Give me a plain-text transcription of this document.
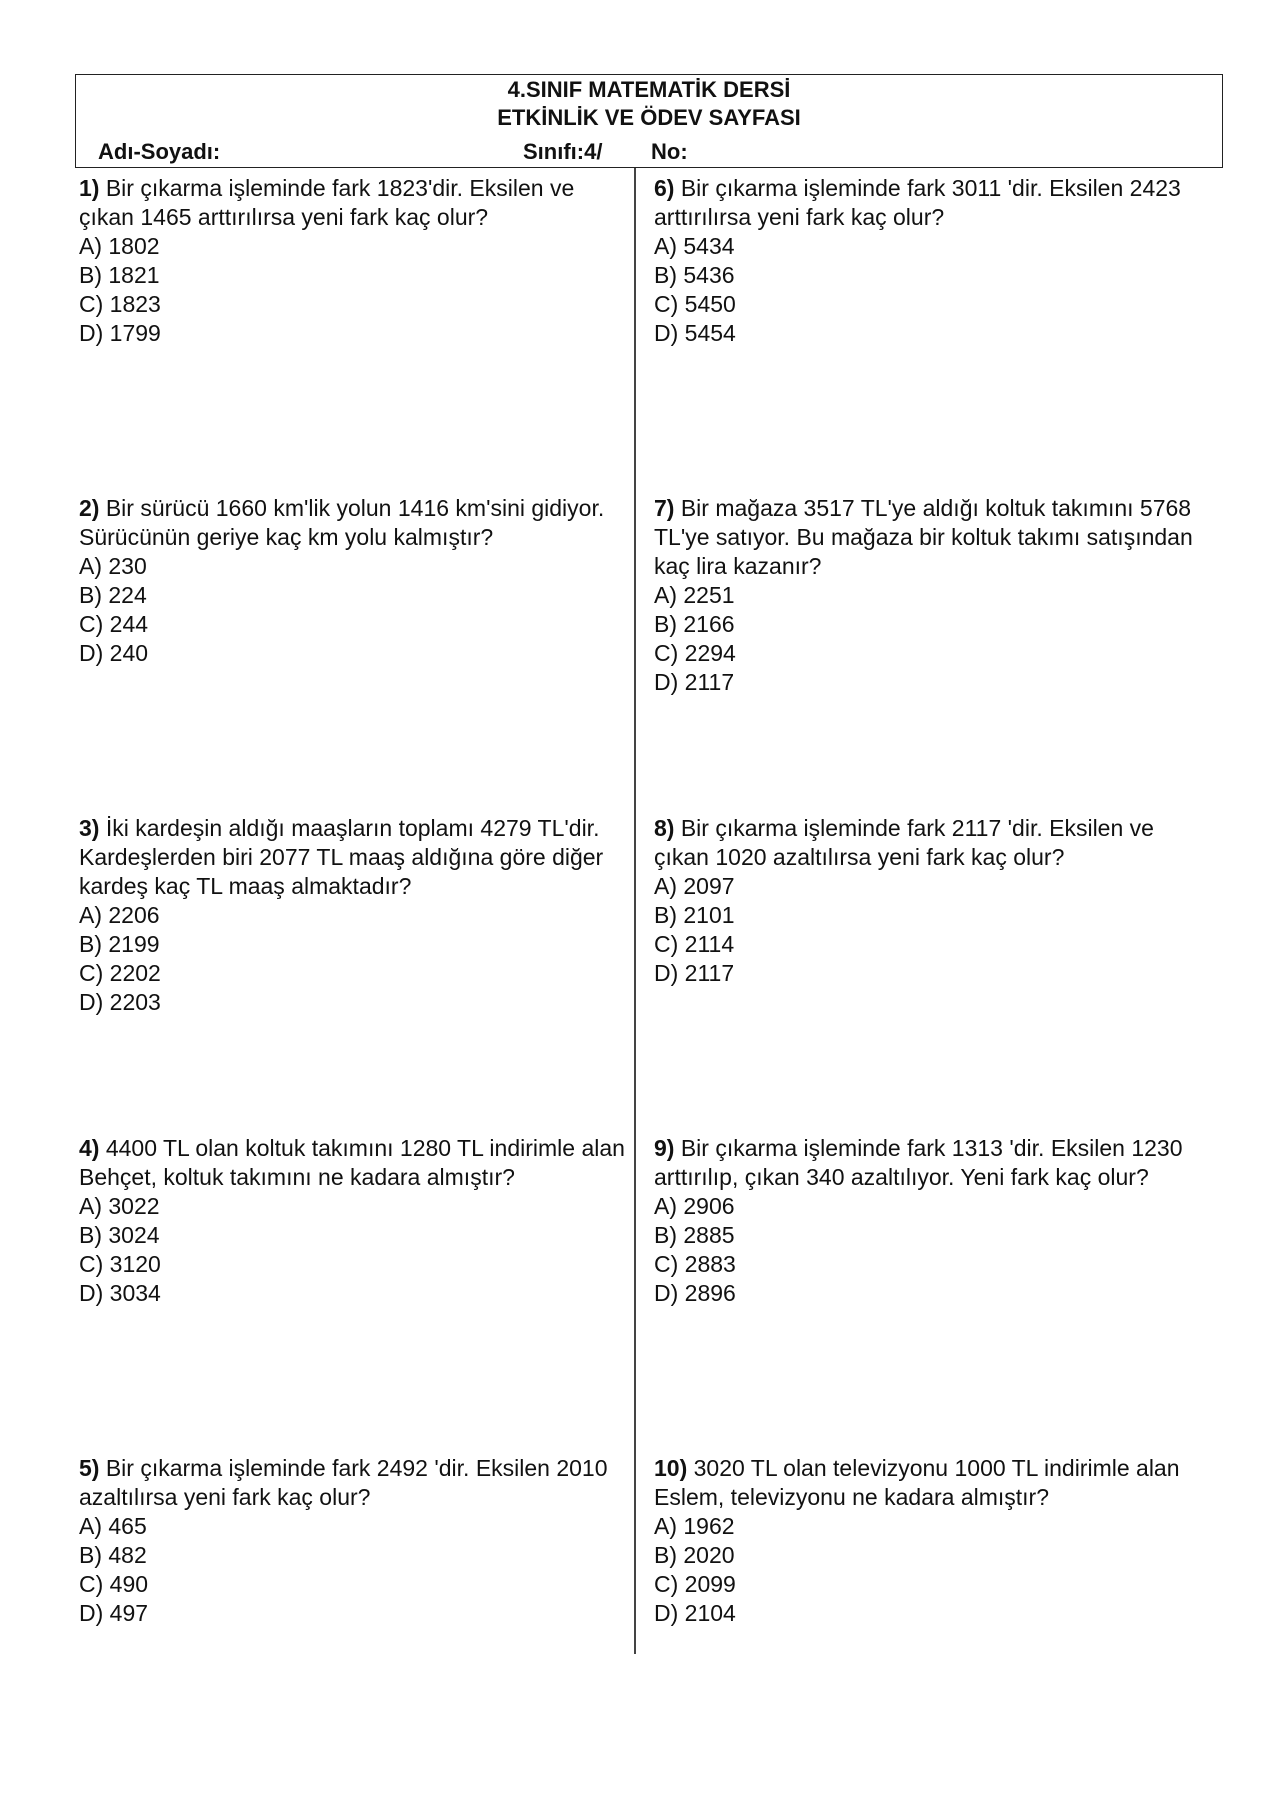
4.SINIF MATEMATİK DERSİ
ETKİNLİK VE ÖDEV SAYFASI
Adı-Soyadı:	Sınıfı:4/ No:
1) Bir çıkarma işleminde fark 1823'dir. Eksilen ve çıkan 1465 arttırılırsa yeni fark kaç olur?
A) 1802
B) 1821
C) 1823
D) 1799
2) Bir sürücü 1660 km'lik yolun 1416 km'sini gidiyor. Sürücünün geriye kaç km yolu kalmıştır?
A) 230
B) 224
C) 244
D) 240
3) İki kardeşin aldığı maaşların toplamı 4279 TL'dir. Kardeşlerden biri 2077 TL maaş aldığına göre diğer kardeş kaç TL maaş almaktadır?
A) 2206
B) 2199
C) 2202
D) 2203
4) 4400 TL olan koltuk takımını 1280 TL indirimle alan Behçet, koltuk takımını ne kadara almıştır?
A) 3022
B) 3024
C) 3120
D) 3034
5) Bir çıkarma işleminde fark 2492 'dir. Eksilen 2010 azaltılırsa yeni fark kaç olur?
A) 465
B) 482
C) 490
D) 497
6) Bir çıkarma işleminde fark 3011 'dir. Eksilen 2423 arttırılırsa yeni fark kaç olur?
A) 5434
B) 5436
C) 5450
D) 5454
7) Bir mağaza 3517 TL'ye aldığı koltuk takımını 5768 TL'ye satıyor. Bu mağaza bir koltuk takımı satışından kaç lira kazanır?
A) 2251
B) 2166
C) 2294
D) 2117
8) Bir çıkarma işleminde fark 2117 'dir. Eksilen ve çıkan 1020 azaltılırsa yeni fark kaç olur?
A) 2097
B) 2101
C) 2114
D) 2117
9) Bir çıkarma işleminde fark 1313 'dir. Eksilen 1230 arttırılıp, çıkan 340 azaltılıyor. Yeni fark kaç olur?
A) 2906
B) 2885
C) 2883
D) 2896
10) 3020 TL olan televizyonu 1000 TL indirimle alan Eslem, televizyonu ne kadara almıştır?
A) 1962
B) 2020
C) 2099
D) 2104
